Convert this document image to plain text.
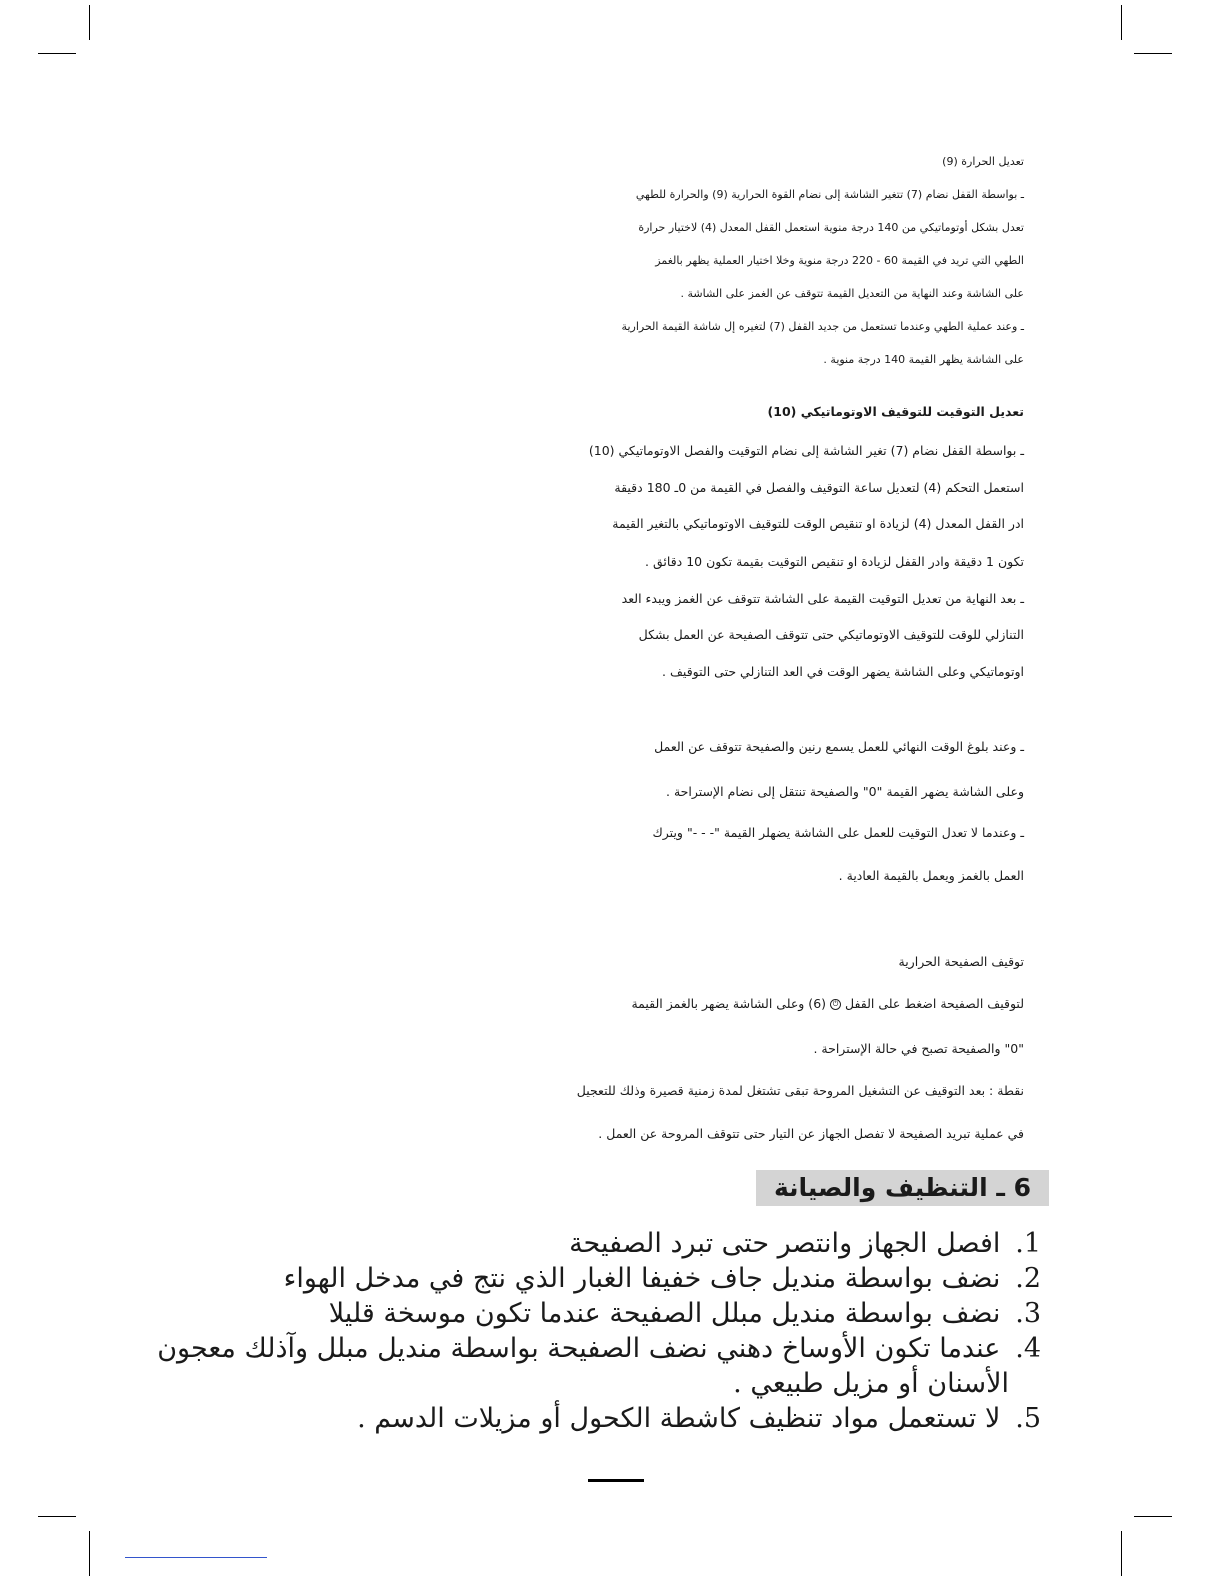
تعديل الحرارة (9)
ـ بواسطة القفل نضام (7) تتغير الشاشة إلى نضام القوة الحرارية (9) والحرارة للطهي
تعدل بشكل أوتوماتيكي من 140 درجة منوية استعمل القفل المعدل (4) لاختيار حرارة
الطهي التي تريد في القيمة 60 - 220 درجة منوية وخلا اختيار العملية يظهر بالغمز
على الشاشة وعند النهاية من التعديل القيمة تتوقف عن الغمز على الشاشة .
ـ وعند عملية الطهي وعندما تستعمل من جديد القفل (7) لتغيره إل شاشة القيمة الحرارية
على الشاشة يظهر القيمة 140 درجة منوية .
تعديل التوقيت للتوقيف الاوتوماتيكي (10)
ـ بواسطة القفل نضام (7) تغير الشاشة إلى نضام التوقيت والفصل الاوتوماتيكي (10)
استعمل التحكم (4) لتعديل ساعة التوقيف والفصل في القيمة من 0ـ 180 دقيقة
ادر القفل المعدل (4) لزيادة او تنقيص الوقت للتوقيف الاوتوماتيكي بالتغير القيمة
تكون 1 دقيقة وادر القفل لزيادة او تنقيص التوقيت بقيمة تكون 10 دقائق .
ـ بعد النهاية من تعديل التوقيت القيمة على الشاشة تتوقف عن الغمز ويبدء العد
التنازلي للوقت للتوقيف الاوتوماتيكي حتى تتوقف الصفيحة عن العمل بشكل
اوتوماتيكي وعلى الشاشة يضهر الوقت في العد التنازلي حتى التوقيف .
ـ وعند بلوغ الوقت النهائي للعمل يسمع رنين والصفيحة تتوقف عن العمل
وعلى الشاشة يضهر القيمة "0" والصفيحة تنتقل إلى نضام الإستراحة .
ـ وعندما لا تعدل التوقيت للعمل على الشاشة يضهلر القيمة "- - -" ويترك
العمل بالغمز ويعمل بالقيمة العادية .
توقيف الصفيحة الحرارية
لتوقيف الصفيحة اضغط على القفل ⏻ (6) وعلى الشاشة يضهر بالغمز القيمة
"0" والصفيحة تصبح في حالة الإستراحة .
نقطة : بعد التوقيف عن التشغيل المروحة تبقى تشتغل لمدة زمنية قصيرة وذلك للتعجيل
في عملية تبريد الصفيحة لا تفصل الجهاز عن التيار حتى تتوقف المروحة عن العمل .
6 ـ التنظيف والصيانة
1. افصل الجهاز وانتصر حتى تبرد الصفيحة
2. نضف بواسطة منديل جاف خفيفا الغبار الذي نتج في مدخل الهواء
3. نضف بواسطة منديل مبلل الصفيحة عندما تكون موسخة قليلا
4. عندما تكون الأوساخ دهني نضف الصفيحة بواسطة منديل مبلل وآذلك معجون
الأسنان أو مزيل طبيعي .
5. لا تستعمل مواد تنظيف كاشطة الكحول أو مزيلات الدسم .
